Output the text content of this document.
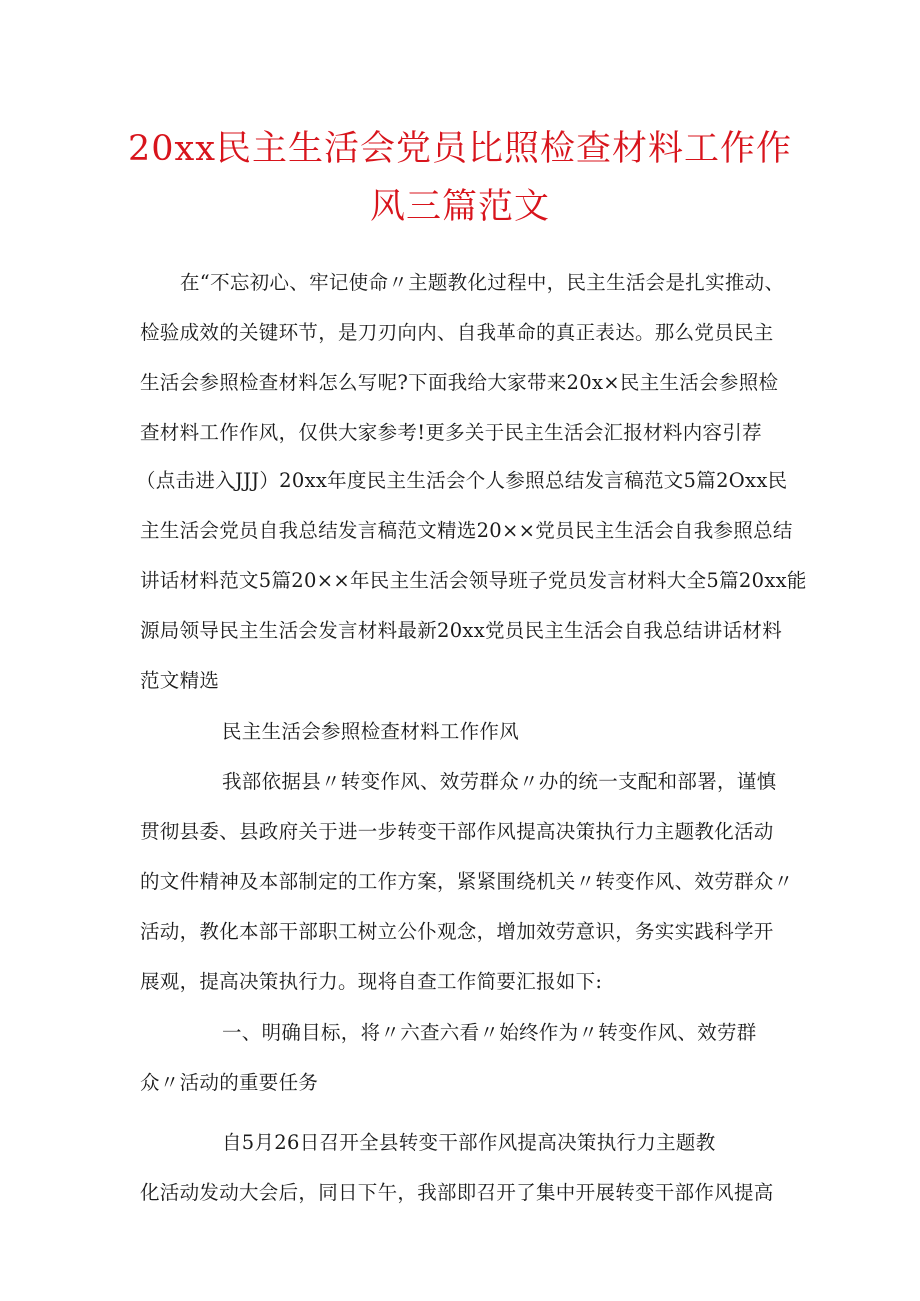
20xx民主生活会党员比照检查材料工作作
风三篇范文

在“不忘初心、牢记使命〃主题教化过程中，民主生活会是扎实推动、

检验成效的关键环节，是刀刃向内、自我革命的真正表达。那么党员民主

生活会参照检查材料怎么写呢?下面我给大家带来20x×民主生活会参照检

查材料工作作风，仅供大家参考!更多关于民主生活会汇报材料内容引荐

（点击进入JJJ）20xx年度民主生活会个人参照总结发言稿范文5篇2Oxx民

主生活会党员自我总结发言稿范文精选20××党员民主生活会自我参照总结

讲话材料范文5篇20××年民主生活会领导班子党员发言材料大全5篇20xx能

源局领导民主生活会发言材料最新20xx党员民主生活会自我总结讲话材料

范文精选

民主生活会参照检查材料工作作风

我部依据县〃转变作风、效劳群众〃办的统一支配和部署，谨慎

贯彻县委、县政府关于进一步转变干部作风提高决策执行力主题教化活动

的文件精神及本部制定的工作方案，紧紧围绕机关〃转变作风、效劳群众〃

活动，教化本部干部职工树立公仆观念，增加效劳意识，务实实践科学开

展观，提高决策执行力。现将自查工作简要汇报如下:

一、明确目标，将〃六查六看〃始终作为〃转变作风、效劳群

众〃活动的重要任务

自5月26日召开全县转变干部作风提高决策执行力主题教

化活动发动大会后，同日下午，我部即召开了集中开展转变干部作风提高
